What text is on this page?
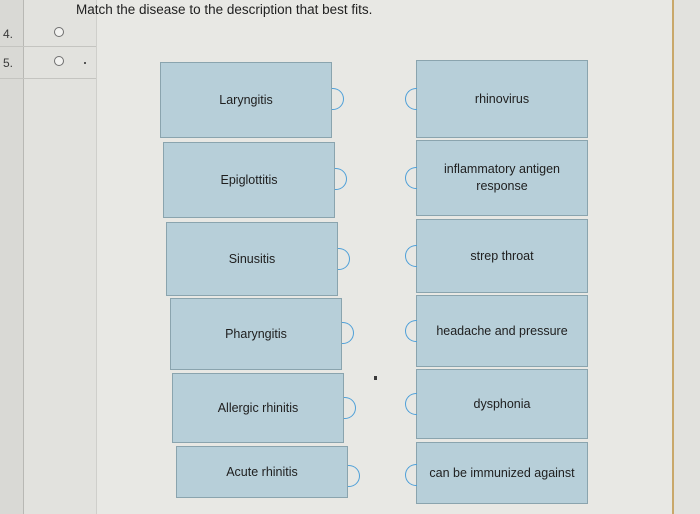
4.
5.
Match the disease to the description that best fits.
Laryngitis
Epiglottitis
Sinusitis
Pharyngitis
Allergic rhinitis
Acute rhinitis
rhinovirus
inflammatory antigen response
strep throat
headache and pressure
dysphonia
can be immunized against
